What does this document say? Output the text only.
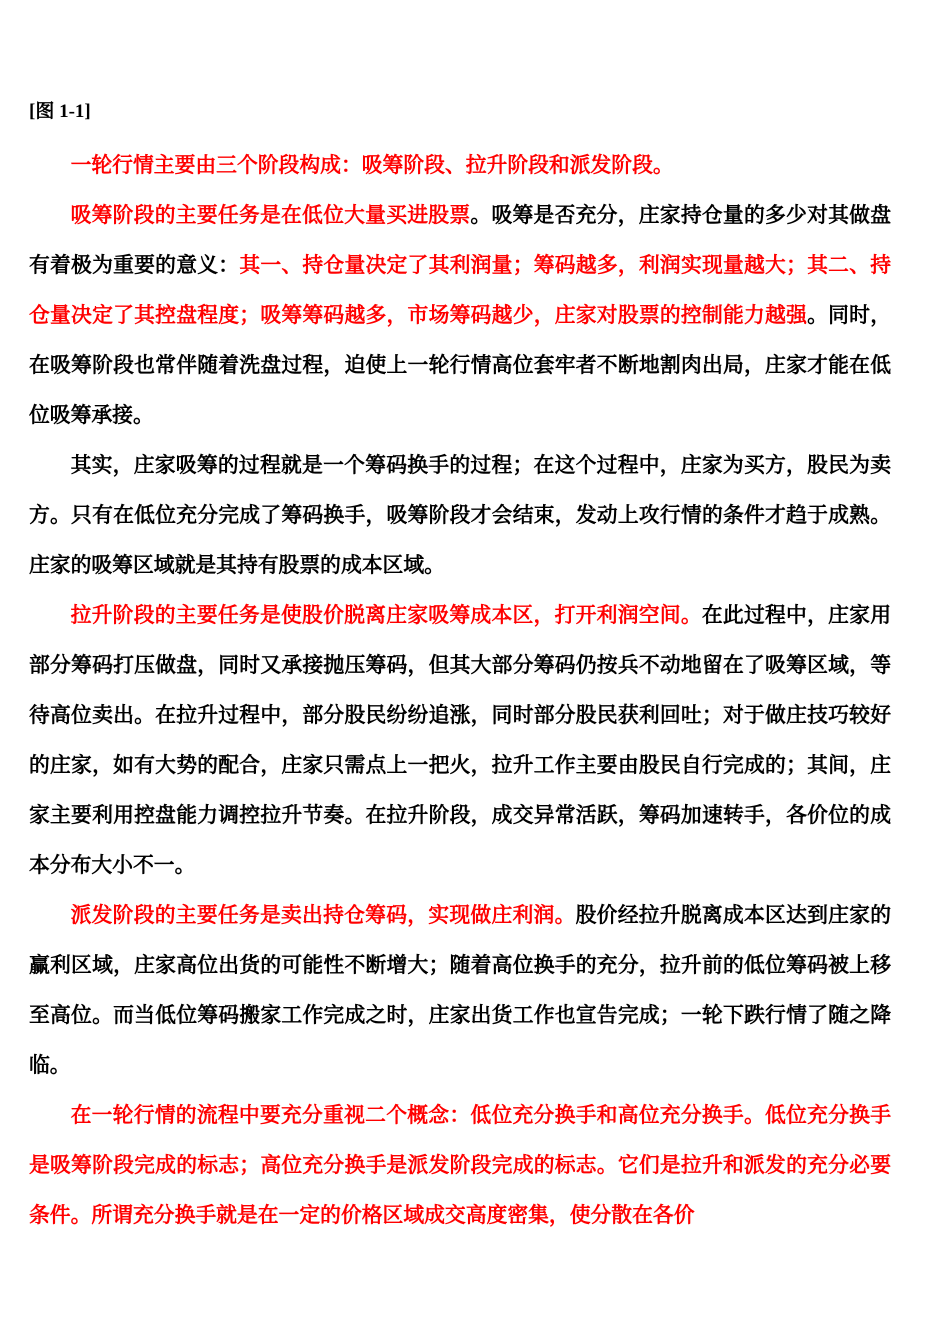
[图 1-1]

一轮行情主要由三个阶段构成：吸筹阶段、拉升阶段和派发阶段。

吸筹阶段的主要任务是在低位大量买进股票。吸筹是否充分，庄家持仓量的多少对其做盘有着极为重要的意义：其一、持仓量决定了其利润量；筹码越多，利润实现量越大；其二、持仓量决定了其控盘程度；吸筹筹码越多，市场筹码越少，庄家对股票的控制能力越强。同时，在吸筹阶段也常伴随着洗盘过程，迫使上一轮行情高位套牢者不断地割肉出局，庄家才能在低位吸筹承接。

其实，庄家吸筹的过程就是一个筹码换手的过程；在这个过程中，庄家为买方，股民为卖方。只有在低位充分完成了筹码换手，吸筹阶段才会结束，发动上攻行情的条件才趋于成熟。庄家的吸筹区域就是其持有股票的成本区域。

拉升阶段的主要任务是使股价脱离庄家吸筹成本区，打开利润空间。在此过程中，庄家用部分筹码打压做盘，同时又承接抛压筹码，但其大部分筹码仍按兵不动地留在了吸筹区域，等待高位卖出。在拉升过程中，部分股民纷纷追涨，同时部分股民获利回吐；对于做庄技巧较好的庄家，如有大势的配合，庄家只需点上一把火，拉升工作主要由股民自行完成的；其间，庄家主要利用控盘能力调控拉升节奏。在拉升阶段，成交异常活跃，筹码加速转手，各价位的成本分布大小不一。

派发阶段的主要任务是卖出持仓筹码，实现做庄利润。股价经拉升脱离成本区达到庄家的赢利区域，庄家高位出货的可能性不断增大；随着高位换手的充分，拉升前的低位筹码被上移至高位。而当低位筹码搬家工作完成之时，庄家出货工作也宣告完成；一轮下跌行情了随之降临。

在一轮行情的流程中要充分重视二个概念：低位充分换手和高位充分换手。低位充分换手是吸筹阶段完成的标志；高位充分换手是派发阶段完成的标志。它们是拉升和派发的充分必要条件。所谓充分换手就是在一定的价格区域成交高度密集，使分散在各价
